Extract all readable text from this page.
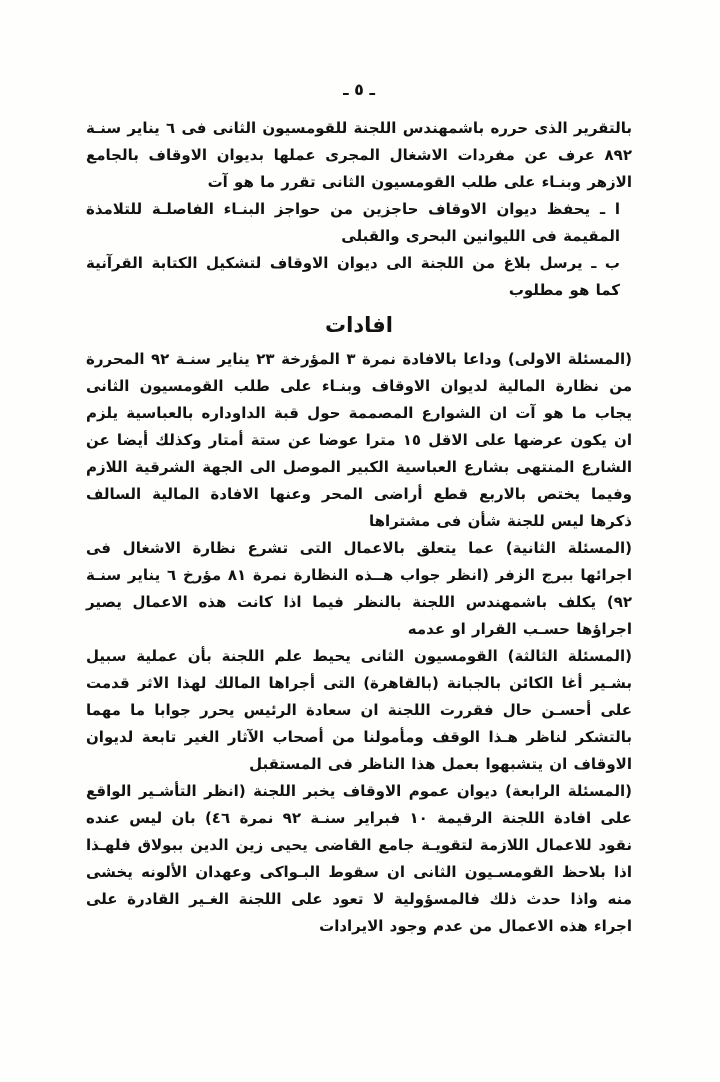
ـ ٥ ـ

بالتقرير الذى حرره باشمهندس اللجنة للقومسيون الثانى فى ٦ يناير سنـة ٨٩٢ عرف عن مفردات الاشغال المجرى عملها بديوان الاوقاف بالجامع الازهر وبنـاء على طلب القومسيون الثانى تقرر ما هو آت

ا ـ يحفظ ديوان الاوقاف حاجزين من حواجز البنـاء الفاصلـة للتلامذة المقيمة فى الليوانين البحرى والقبلى

ب ـ يرسل بلاغ من اللجنة الى ديوان الاوقاف لتشكيل الكتابة القرآنية كما هو مطلوب

افادات

(المسئلة الاولى) وداعا بالافادة نمرة ٣ المؤرخة ٢٣ يناير سنـة ٩٢ المحررة من نظارة المالية لديوان الاوقاف وبنـاء على طلب القومسيون الثانى يجاب ما هو آت ان الشوارع المصممة حول قبة الداوداره بالعباسية يلزم ان يكون عرضها على الاقل ١٥ مترا عوضا عن ستة أمتار وكذلك أيضا عن الشارع المنتهى بشارع العباسية الكبير الموصل الى الجهة الشرقية اللازم وفيما يختص بالاربع قطع أراضى المحر وعنها الافادة المالية السالف ذكرها ليس للجنة شأن فى مشتراها

(المسئلة الثانية) عما يتعلق بالاعمال التى تشرع نظارة الاشغال فى اجرائها ببرج الزفر (انظر جواب هــذه النظارة نمرة ٨١ مؤرخ ٦ يناير سنـة ٩٢) يكلف باشمهندس اللجنة بالنظر فيما اذا كانت هذه الاعمال يصير اجراؤها حسـب القرار او عدمه

(المسئلة الثالثة) القومسيون الثانى يحيط علم اللجنة بأن عملية سبيل بشـير أغا الكائن بالجبانة (بالقاهرة) التى أجراها المالك لهذا الاثر قدمت على أحسـن حال فقررت اللجنة ان سعادة الرئيس يحرر جوابا ما مهما بالتشكر لناظر هـذا الوقف ومأمولنا من أصحاب الآثار الغير تابعة لديوان الاوقاف ان يتشبهوا بعمل هذا الناظر فى المستقبل

(المسئلة الرابعة) ديوان عموم الاوقاف يخبر اللجنة (انظر التأشـير الواقع على افادة اللجنة الرقيمة ١٠ فبراير سنـة ٩٢ نمرة ٤٦) بان ليس عنده نقود للاعمال اللازمة لتقويـة جامع القاضى يحيى زين الدين ببولاق فلهـذا اذا بلاحظ القومسـيون الثانى ان سقوط البـواكى وعهدان الألونه يخشى منه واذا حدث ذلك فالمسؤولية لا تعود على اللجنة الغـير القادرة على اجراء هذه الاعمال من عدم وجود الايرادات
